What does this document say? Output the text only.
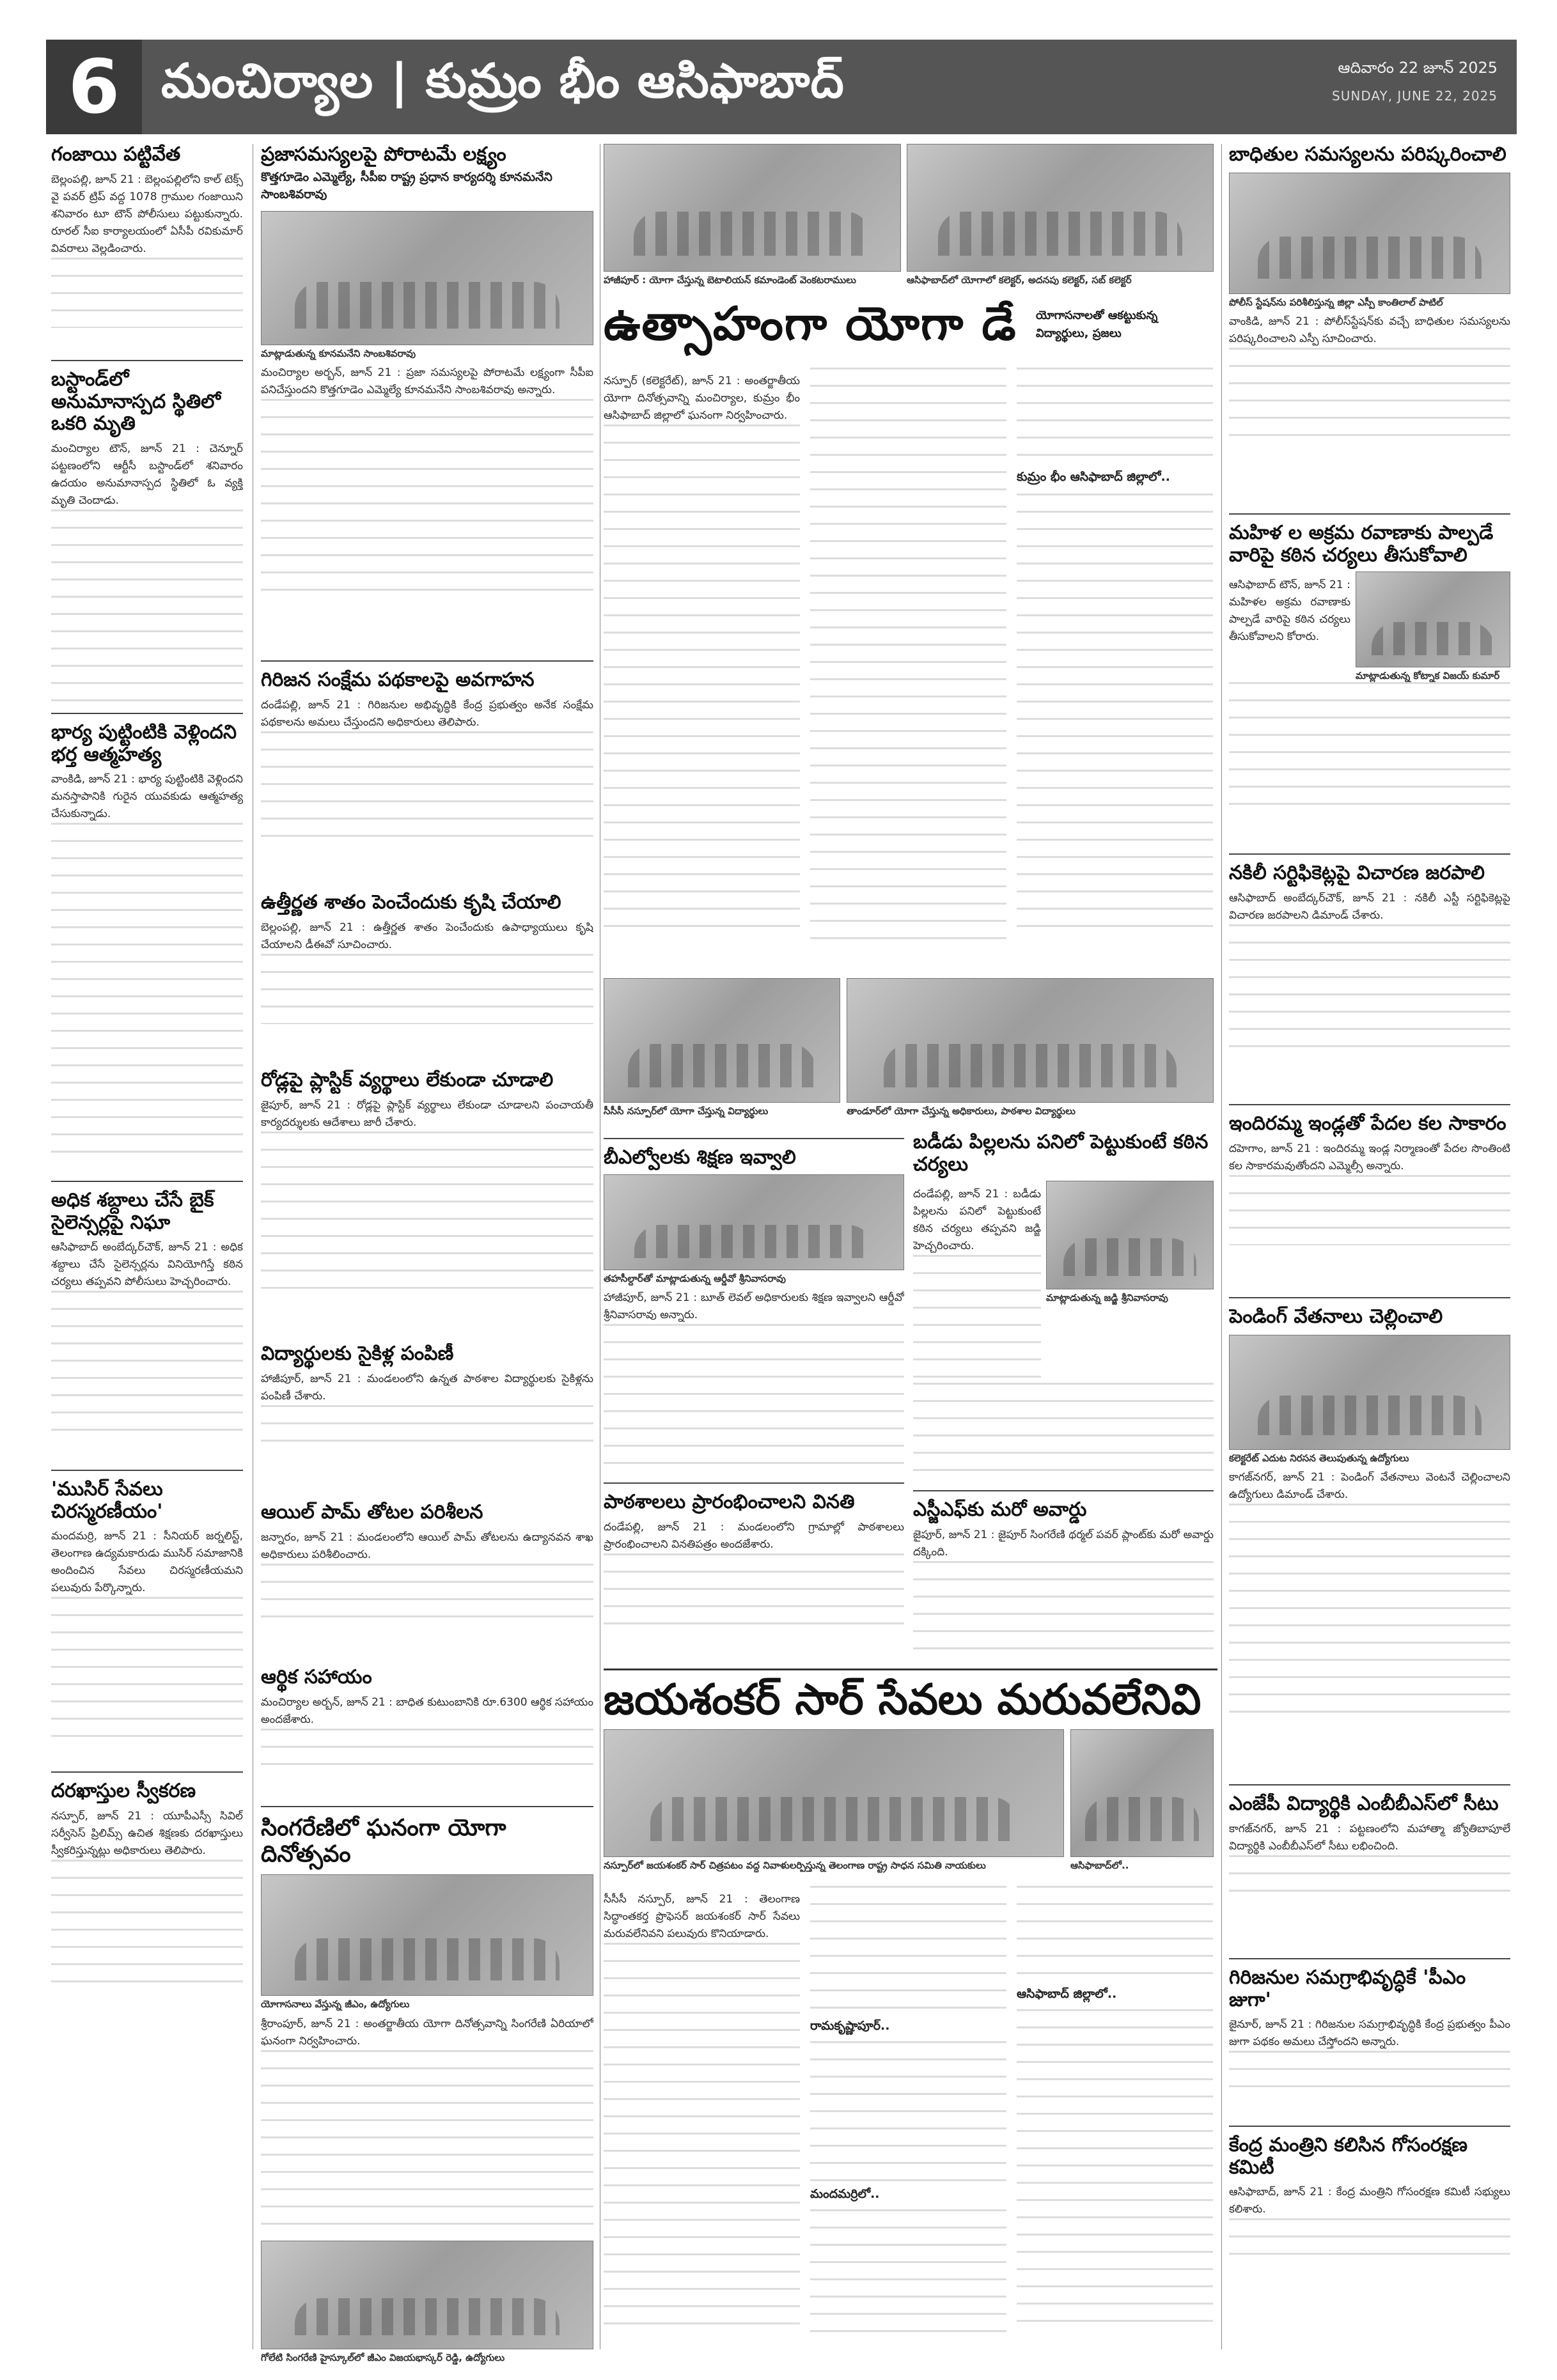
6 మంచిర్యాల | కుమ్రం భీం ఆసిఫాబాద్	ఆదివారం 22 జూన్ 2025
SUNDAY, JUNE 22, 2025
గంజాయి పట్టివేత

బెల్లంపల్లి, జూన్ 21 : బెల్లంపల్లిలోని కాల్ టెక్స్ వై పవర్ ట్రిప్ వద్ద 1078 గ్రాముల గంజాయిని శనివారం టూ టౌన్ పోలీసులు పట్టుకున్నారు. రూరల్ సీఐ కార్యాలయంలో ఏసీపీ రవికుమార్ వివరాలు వెల్లడించారు.

బస్టాండ్‌లో అనుమానాస్పద స్థితిలో ఒకరి మృతి

మంచిర్యాల టౌన్, జూన్ 21 : చెన్నూర్ పట్టణంలోని ఆర్టీసీ బస్టాండ్‌లో శనివారం ఉదయం అనుమానాస్పద స్థితిలో ఓ వ్యక్తి మృతి చెందాడు.

భార్య పుట్టింటికి వెళ్లిందని భర్త ఆత్మహత్య

వాంకిడి, జూన్ 21 : భార్య పుట్టింటికి వెళ్లిందని మనస్తాపానికి గురైన యువకుడు ఆత్మహత్య చేసుకున్నాడు.

అధిక శబ్దాలు చేసే బైక్ సైలెన్సర్లపై నిఘా

ఆసిఫాబాద్ అంబేద్కర్‌చౌక్, జూన్ 21 : అధిక శబ్దాలు చేసే సైలెన్సర్లను వినియోగిస్తే కఠిన చర్యలు తప్పవని పోలీసులు హెచ్చరించారు.

'ముసిర్ సేవలు చిరస్మరణీయం'

మందమర్రి, జూన్ 21 : సీనియర్ జర్నలిస్ట్, తెలంగాణ ఉద్యమకారుడు ముసిర్ సమాజానికి అందించిన సేవలు చిరస్మరణీయమని పలువురు పేర్కొన్నారు.

దరఖాస్తుల స్వీకరణ

నస్పూర్, జూన్ 21 : యూపీఎస్సీ సివిల్ సర్వీసెస్ ప్రిలిమ్స్ ఉచిత శిక్షణకు దరఖాస్తులు స్వీకరిస్తున్నట్లు అధికారులు తెలిపారు.

ప్రజాసమస్యలపై పోరాటమే లక్ష్యం
కొత్తగూడెం ఎమ్మెల్యే, సీపీఐ రాష్ట్ర ప్రధాన కార్యదర్శి కూనమనేని సాంబశివరావు
మాట్లాడుతున్న కూనమనేని సాంబశివరావు

మంచిర్యాల అర్బన్, జూన్ 21 : ప్రజా సమస్యలపై పోరాటమే లక్ష్యంగా సీపీఐ పనిచేస్తుందని కొత్తగూడెం ఎమ్మెల్యే కూనమనేని సాంబశివరావు అన్నారు.

గిరిజన సంక్షేమ పథకాలపై అవగాహన

దండేపల్లి, జూన్ 21 : గిరిజనుల అభివృద్ధికి కేంద్ర ప్రభుత్వం అనేక సంక్షేమ పథకాలను అమలు చేస్తుందని అధికారులు తెలిపారు.

ఉత్తీర్ణత శాతం పెంచేందుకు కృషి చేయాలి

బెల్లంపల్లి, జూన్ 21 : ఉత్తీర్ణత శాతం పెంచేందుకు ఉపాధ్యాయులు కృషి చేయాలని డీఈవో సూచించారు.

రోడ్లపై ప్లాస్టిక్ వ్యర్థాలు లేకుండా చూడాలి

జైపూర్, జూన్ 21 : రోడ్లపై ప్లాస్టిక్ వ్యర్థాలు లేకుండా చూడాలని పంచాయతీ కార్యదర్శులకు ఆదేశాలు జారీ చేశారు.

విద్యార్థులకు సైకిళ్ల పంపిణీ

హాజీపూర్, జూన్ 21 : మండలంలోని ఉన్నత పాఠశాల విద్యార్థులకు సైకిళ్లను పంపిణీ చేశారు.

ఆయిల్ పామ్ తోటల పరిశీలన

జన్నారం, జూన్ 21 : మండలంలోని ఆయిల్ పామ్ తోటలను ఉద్యానవన శాఖ అధికారులు పరిశీలించారు.

ఆర్థిక సహాయం

మంచిర్యాల అర్బన్, జూన్ 21 : బాధిత కుటుంబానికి రూ.6300 ఆర్థిక సహాయం అందజేశారు.

సింగరేణిలో ఘనంగా యోగా దినోత్సవం
యోగాసనాలు వేస్తున్న జీఎం, ఉద్యోగులు

శ్రీరాంపూర్, జూన్ 21 : అంతర్జాతీయ యోగా దినోత్సవాన్ని సింగరేణి ఏరియాలో ఘనంగా నిర్వహించారు.

గోలేటి సింగరేణి హైస్కూల్‌లో జీఎం విజయభాస్కర్ రెడ్డి, ఉద్యోగులు
హాజీపూర్ : యోగా చేస్తున్న బెటాలియన్ కమాండెంట్ వెంకటరాములు	ఆసిఫాబాద్‌లో యోగాలో కలెక్టర్, అదనపు కలెక్టర్, సబ్ కలెక్టర్
ఉత్సాహంగా యోగా డే	యోగాసనాలతో ఆకట్టుకున్న విద్యార్థులు, ప్రజలు

నస్పూర్ (కలెక్టరేట్), జూన్ 21 : అంతర్జాతీయ యోగా దినోత్సవాన్ని మంచిర్యాల, కుమ్రం భీం ఆసిఫాబాద్ జిల్లాలో ఘనంగా నిర్వహించారు.

కుమ్రం భీం ఆసిఫాబాద్ జిల్లాలో..
సీసీసీ నస్పూర్‌లో యోగా చేస్తున్న విద్యార్థులు	తాండూర్‌లో యోగా చేస్తున్న అధికారులు, పాఠశాల విద్యార్థులు
బీఎల్వోలకు శిక్షణ ఇవ్వాలి
తహసీల్దార్‌తో మాట్లాడుతున్న ఆర్డీవో శ్రీనివాసరావు

హాజీపూర్, జూన్ 21 : బూత్ లెవల్ అధికారులకు శిక్షణ ఇవ్వాలని ఆర్డీవో శ్రీనివాసరావు అన్నారు.

పాఠశాలలు ప్రారంభించాలని వినతి

దండేపల్లి, జూన్ 21 : మండలంలోని గ్రామాల్లో పాఠశాలలు ప్రారంభించాలని వినతిపత్రం అందజేశారు.

బడీడు పిల్లలను పనిలో పెట్టుకుంటే కఠిన చర్యలు

దండేపల్లి, జూన్ 21 : బడీడు పిల్లలను పనిలో పెట్టుకుంటే కఠిన చర్యలు తప్పవని జడ్జి హెచ్చరించారు.

మాట్లాడుతున్న జడ్జి శ్రీనివాసరావు
ఎస్జీఎఫ్‌కు మరో అవార్డు

జైపూర్, జూన్ 21 : జైపూర్ సింగరేణి థర్మల్ పవర్ ప్లాంట్‌కు మరో అవార్డు దక్కింది.

జయశంకర్ సార్ సేవలు మరువలేనివి
నస్పూర్‌లో జయశంకర్ సార్ చిత్రపటం వద్ద నివాళులర్పిస్తున్న తెలంగాణ రాష్ట్ర సాధన సమితి నాయకులు	ఆసిఫాబాద్‌లో..

సీసీసీ నస్పూర్, జూన్ 21 : తెలంగాణ సిద్ధాంతకర్త ప్రొఫెసర్ జయశంకర్ సార్ సేవలు మరువలేనివని పలువురు కొనియాడారు.

రామకృష్ణాపూర్..
మందమర్రిలో..
ఆసిఫాబాద్ జిల్లాలో..
బాధితుల సమస్యలను పరిష్కరించాలి
పోలీస్ స్టేషన్‌ను పరిశీలిస్తున్న జిల్లా ఎస్పీ కాంతిలాల్ పాటిల్

వాంకిడి, జూన్ 21 : పోలీస్‌స్టేషన్‌కు వచ్చే బాధితుల సమస్యలను పరిష్కరించాలని ఎస్పీ సూచించారు.

మహిళ ల అక్రమ రవాణాకు పాల్పడే వారిపై కఠిన చర్యలు తీసుకోవాలి

ఆసిఫాబాద్ టౌన్, జూన్ 21 : మహిళల అక్రమ రవాణాకు పాల్పడే వారిపై కఠిన చర్యలు తీసుకోవాలని కోరారు.

మాట్లాడుతున్న కోట్నాక విజయ్ కుమార్
నకిలీ సర్టిఫికెట్లపై విచారణ జరపాలి

ఆసిఫాబాద్ అంబేద్కర్‌చౌక్, జూన్ 21 : నకిలీ ఎస్టీ సర్టిఫికెట్లపై విచారణ జరపాలని డిమాండ్ చేశారు.

ఇందిరమ్మ ఇండ్లతో పేదల కల సాకారం

దహెగాం, జూన్ 21 : ఇందిరమ్మ ఇండ్ల నిర్మాణంతో పేదల సొంతింటి కల సాకారమవుతోందని ఎమ్మెల్సీ అన్నారు.

పెండింగ్ వేతనాలు చెల్లించాలి
కలెక్టరేట్ ఎదుట నిరసన తెలుపుతున్న ఉద్యోగులు

కాగజ్‌నగర్, జూన్ 21 : పెండింగ్ వేతనాలు వెంటనే చెల్లించాలని ఉద్యోగులు డిమాండ్ చేశారు.

ఎంజేపీ విద్యార్థికి ఎంబీబీఎస్‌లో సీటు

కాగజ్‌నగర్, జూన్ 21 : పట్టణంలోని మహాత్మా జ్యోతిబాపూలే విద్యార్థికి ఎంబీబీఎస్‌లో సీటు లభించింది.

గిరిజనుల సమగ్రాభివృద్ధికే 'పీఎం జుగా'

జైనూర్, జూన్ 21 : గిరిజనుల సమగ్రాభివృద్ధికి కేంద్ర ప్రభుత్వం పీఎం జుగా పథకం అమలు చేస్తోందని అన్నారు.

కేంద్ర మంత్రిని కలిసిన గోసంరక్షణ కమిటీ

ఆసిఫాబాద్, జూన్ 21 : కేంద్ర మంత్రిని గోసంరక్షణ కమిటీ సభ్యులు కలిశారు.
